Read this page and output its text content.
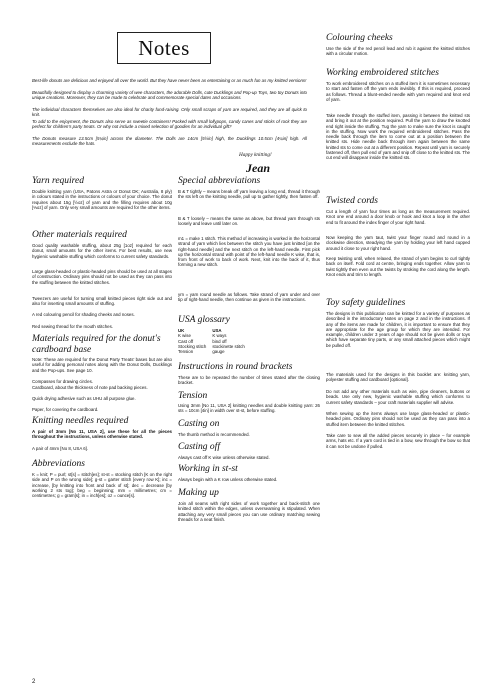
Notes

Best-life donuts are delicious and enjoyed all over the world. But they have never been as entertaining or as much fun as my knitted versions!

Beautifully designed to display a charming variety of wee characters, the adorable Dolls, cute Ducklings and Pop-up Toys, two toy Donuts into unique creations. Moreover, they can be made to celebrate and commemorate special dates and occasions.

The individual characters themselves are also ideal for charity fund-raising. Only small scraps of yarn are required, and they are all quick to knit.

To add to the enjoyment, the Donuts also serve as sweetie containers! Packed with small lollypops, candy canes and sticks of rock they are perfect for children's party treats. Or why not include a mixed selection of goodies for an individual gift?

The Donuts measure 13.5cm [5¼in] across the diameter. The Dolls are 14cm [5½in] high, the Ducklings 10.5cm [4¼in] high. All measurements exclude the hats.

Happy knitting!
Jean
Yarn required

Double knitting yarn (USA, Patons Astra or Donut DK; Australia, 8 ply) in colours stated in the instructions or colours of your choice. The donut requires about 15g [½oz] of yarn and the filling requires about 10g [⅓oz] of yarn. Only very small amounts are required for the other items.

Other materials required

Good quality washable stuffing, about 25g [1oz] required for each donut, small amounts for the other items. For best results, use new hygienic washable stuffing which conforms to current safety standards.

Large glass-headed or plastic-headed pins should be used at all stages of construction. Ordinary pins should not be used as they can pass into the stuffing between the knitted stitches.

Tweezers are useful for turning small knitted pieces right side out and also for inserting small amounts of stuffing.

A red colouring pencil for shading cheeks and noses.

Red sewing thread for the mouth stitches.

Materials required for the donut's cardboard base

Note: These are required for the Donut Party Treats' bases but are also useful for adding personal notes along with the Donut Dolls, Ducklings and the Pop-ups. See page 10.

Compasses for drawing circles.

Cardboard, about the thickness of note pad backing pieces.

Quick drying adhesive such as UHU all purpose glue.

Paper, for covering the cardboard.

Knitting needles required

A pair of 3mm [No 11, USA 2], use these for all the pieces throughout the instructions, unless otherwise stated.

A pair of 4mm [No 8, USA 6].

Abbreviations

K = knit; P = purl; st[s] = stitch[es]; st-st = stocking stitch [K on the right side and P on the wrong side]; g-st = garter stitch [every row K]; inc = increase, [by knitting into front and back of st]; dec = decrease [by working 2 sts tog]; beg = beginning; mm = millimetres; cm = centimetres; g = gram[s]; in = inch[es]; oz = ounce[s].

Special abbreviations

B & T tightly – means break off yarn leaving a long end, thread it through the sts left on the knitting needle, pull up to gather tightly, then fasten off.

B & T loosely – means the same as above, but thread yarn through sts loosely and leave until later on.

m1 = make 1 stitch. This method of increasing is worked in the horizontal strand of yarn which lies between the stitch you have just knitted [on the right-hand needle] and the next stitch on the left-hand needle. First pick up the horizontal strand with point of the left-hand needle K wise, that is, from front of work to back of work. Next, knit into the back of it, thus forming a new stitch.

yrn = yarn round needle as follows. Take strand of yarn under and over tip of right-hand needle, then continue as given in the instructions.

USA glossary
UK	USA
K wise	K ways
Cast off	bind off
Stocking stitch	stockinette stitch
Tension	gauge
Instructions in round brackets

These are to be repeated the number of times stated after the closing bracket.

Tension

Using 3mm [No 11, USA 2] knitting needles and double knitting yarn: 26 sts = 10cm [4in] in width over st-st, before stuffing.

Casting on

The thumb method is recommended.

Casting off

Always cast off K wise unless otherwise stated.

Working in st-st

Always begin with a K row unless otherwise stated.

Making up

Join all seams with right sides of work together and back-stitch one knitted stitch within the edges, unless overseaming is stipulated. When attaching any very small pieces you can use ordinary matching sewing threads for a neat finish.

Colouring cheeks

Use the side of the red pencil lead and rub it against the knitted stitches with a circular motion.

Working embroidered stitches

To work embroidered stitches on a stuffed item it is sometimes necessary to start and fasten off the yarn ends invisibly. If this is required, proceed as follows. Thread a blunt-ended needle with yarn required and knot end of yarn.

Take needle through the stuffed item, passing it between the knitted sts and bring it out at the position required. Pull the yarn to draw the knotted end right inside the stuffing. Tug the yarn to make sure the knot is caught in the stuffing. Now work the required embroidered stitches. Pass the needle back through the item to come out at a position between the knitted sts. Hide needle back through item again between the same knitted sts to come out at a different position. Repeat until yarn is securely fastened off, then pull end of yarn and snip off close to the knitted sts. The cut end will disappear inside the knitted sts.

Twisted cords

Cut a length of yarn four times as long as the measurement required. Knot one end around a door knob or hook and knot a loop in the other end to fit around the index finger of your right hand.

Now keeping the yarn taut, twist your finger round and round in a clockwise direction, steadying the yarn by holding your left hand cupped around it close to your right hand.

Keep twisting until, when relaxed, the strand of yarn begins to curl tightly back on itself. Fold cord at centre, bringing ends together. Allow yarn to twist tightly then even out the twists by stroking the cord along the length. Knot ends and trim to length.

Toy safety guidelines

The designs in this publication can be knitted for a variety of purposes as described in the introductory Notes on page 2 and in the instructions. If any of the items are made for children, it is important to ensure that they are appropriate for the age group for which they are intended. For example, children under 3 years of age should not be given dolls or toys which have separate tiny parts, or any small attached pieces which might be pulled off.

The materials used for the designs in this booklet are: knitting yarn, polyester stuffing and cardboard [optional].

Do not add any other materials such as wire, pipe cleaners, buttons or beads. Use only new, hygienic washable stuffing which conforms to current safety standards – your craft materials supplier will advise.

When sewing up the items always use large glass-headed or plastic-headed pins. Ordinary pins should not be used as they can pass into a stuffed item between the knitted stitches.

Take care to sew all the added pieces securely in place – for example arms, hats etc. If a yarn cord is tied in a bow, sew through the bow so that it can not be undone if pulled.

2
